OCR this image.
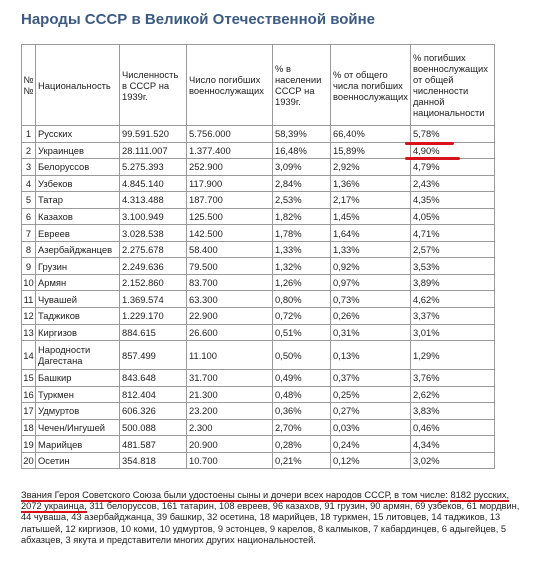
Народы СССР в Великой Отечественной войне
№ №	Национальность	Численность в СССР на 1939г.	Число погибших военнослужащих	% в населении СССР на 1939г.	% от общего числа погибших военнослужащих	% погибших военнослужащих от общей численности данной национальности
1	Русских	99.591.520	5.756.000	58,39%	66,40%	5,78%
2	Украинцев	28.111.007	1.377.400	16,48%	15,89%	4,90%
3	Белоруссов	5.275.393	252.900	3,09%	2,92%	4,79%
4	Узбеков	4.845.140	117.900	2,84%	1,36%	2,43%
5	Татар	4.313.488	187.700	2,53%	2,17%	4,35%
6	Казахов	3.100.949	125.500	1,82%	1,45%	4,05%
7	Евреев	3.028.538	142.500	1,78%	1,64%	4,71%
8	Азербайджанцев	2.275.678	58.400	1,33%	1,33%	2,57%
9	Грузин	2.249.636	79.500	1,32%	0,92%	3,53%
10	Армян	2.152.860	83.700	1,26%	0,97%	3,89%
11	Чувашей	1.369.574	63.300	0,80%	0,73%	4,62%
12	Таджиков	1.229.170	22.900	0,72%	0,26%	3,37%
13	Киргизов	884.615	26.600	0,51%	0,31%	3,01%
14	Народности Дагестана	857.499	11.100	0,50%	0,13%	1,29%
15	Башкир	843.648	31.700	0,49%	0,37%	3,76%
16	Туркмен	812.404	21.300	0,48%	0,25%	2,62%
17	Удмуртов	606.326	23.200	0,36%	0,27%	3,83%
18	Чечен/Ингушей	500.088	2.300	2,70%	0,03%	0,46%
19	Марийцев	481.587	20.900	0,28%	0,24%	4,34%
20	Осетин	354.818	10.700	0,21%	0,12%	3,02%
Звания Героя Советского Союза были удостоены сыны и дочери всех народов СССР, в том числе: 8182 русских, 2072 украинца, 311 белоруссов, 161 татарин, 108 евреев, 96 казахов, 91 грузин, 90 армян, 69 узбеков, 61 мордвин, 44 чуваша, 43 азербайджанца, 39 башкир, 32 осетина, 18 марийцев, 18 туркмен, 15 литовцев, 14 таджиков, 13 латышей, 12 киргизов, 10 коми, 10 удмуртов, 9 эстонцев, 9 карелов, 8 калмыков, 7 кабардинцев, 6 адыгейцев, 5 абхазцев, 3 якута и представители многих других национальностей.
